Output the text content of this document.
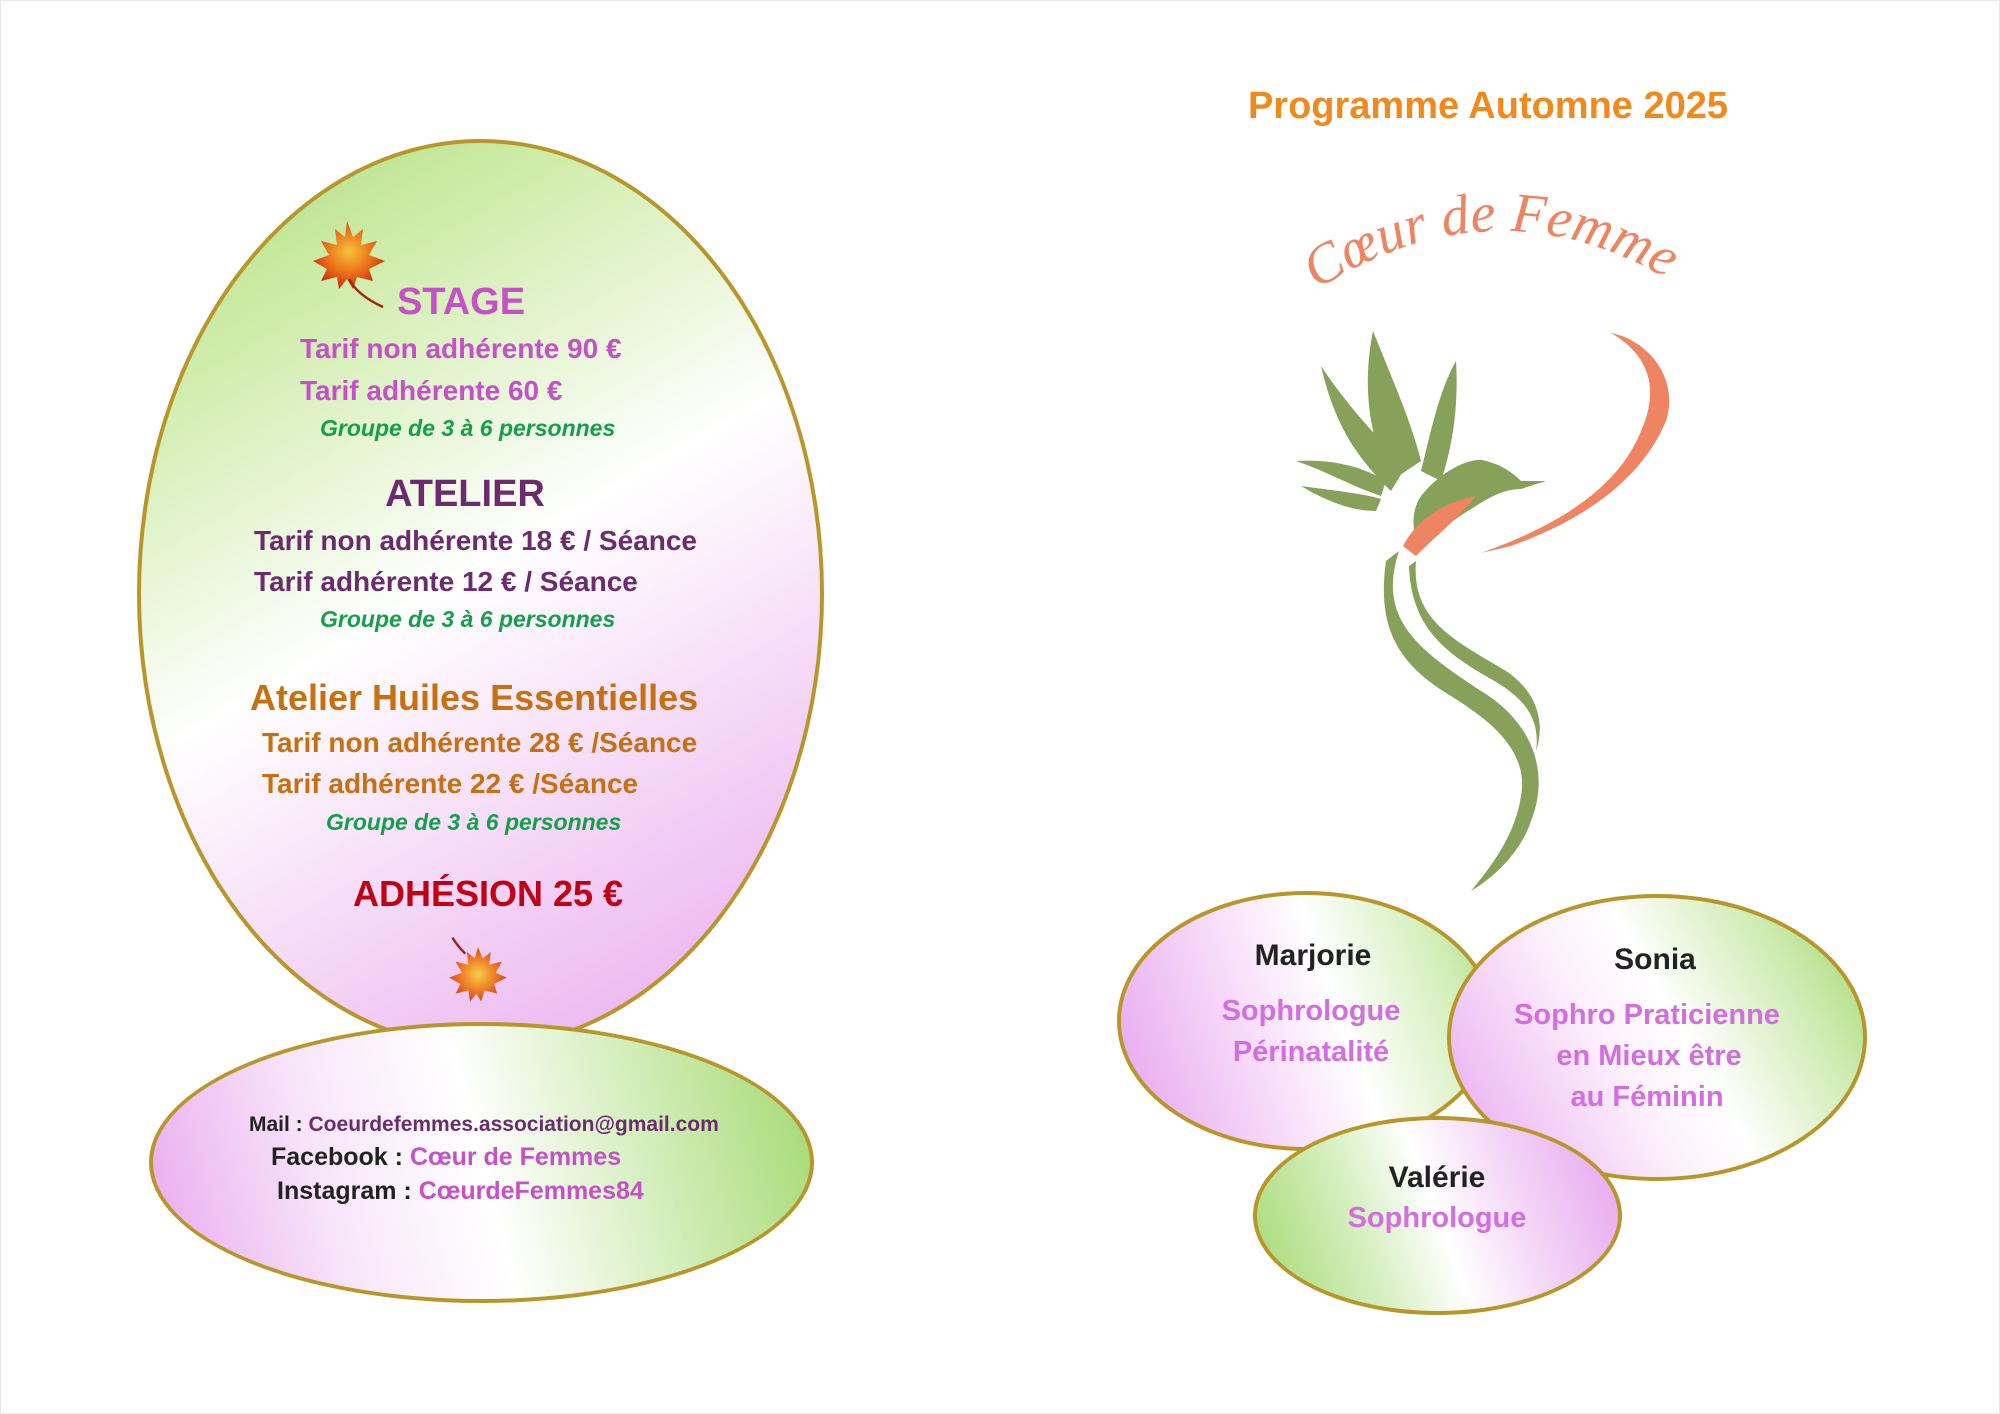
STAGE
Tarif non adhérente 90 €
Tarif adhérente 60 €
Groupe de 3 à 6 personnes
ATELIER
Tarif non adhérente 18 € / Séance
Tarif adhérente 12 € / Séance
Groupe de 3 à 6 personnes
Atelier Huiles Essentielles
Tarif non adhérente 28 € /Séance
Tarif adhérente 22 € /Séance
Groupe de 3 à 6 personnes
ADHÉSION 25 €
Mail : Coeurdefemmes.association@gmail.com
Facebook : Cœur de Femmes
Instagram : CœurdeFemmes84
Programme Automne 2025
Cœur de Femmes
Marjorie
Sophrologue
Périnatalité
Sonia
Sophro Praticienne
en Mieux être
au Féminin
Valérie
Sophrologue
